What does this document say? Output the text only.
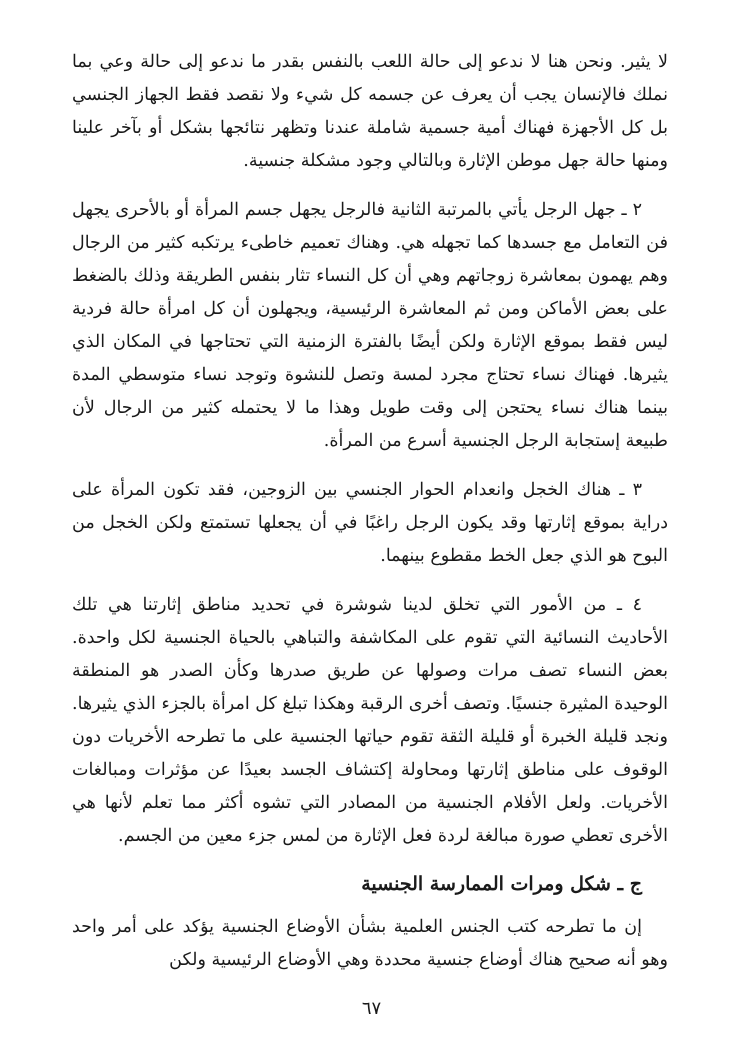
لا يثير. ونحن هنا لا ندعو إلى حالة اللعب بالنفس بقدر ما ندعو إلى حالة وعي بما نملك فالإنسان يجب أن يعرف عن جسمه كل شيء ولا نقصد فقط الجهاز الجنسي بل كل الأجهزة فهناك أمية جسمية شاملة عندنا وتظهر نتائجها بشكل أو بآخر علينا ومنها حالة جهل موطن الإثارة وبالتالي وجود مشكلة جنسية.

٢ ـ جهل الرجل يأتي بالمرتبة الثانية فالرجل يجهل جسم المرأة أو بالأحرى يجهل فن التعامل مع جسدها كما تجهله هي. وهناك تعميم خاطىء يرتكبه كثير من الرجال وهم يهمون بمعاشرة زوجاتهم وهي أن كل النساء تثار بنفس الطريقة وذلك بالضغط على بعض الأماكن ومن ثم المعاشرة الرئيسية، ويجهلون أن كل امرأة حالة فردية ليس فقط بموقع الإثارة ولكن أيضًا بالفترة الزمنية التي تحتاجها في المكان الذي يثيرها. فهناك نساء تحتاج مجرد لمسة وتصل للنشوة وتوجد نساء متوسطي المدة بينما هناك نساء يحتجن إلى وقت طويل وهذا ما لا يحتمله كثير من الرجال لأن طبيعة إستجابة الرجل الجنسية أسرع من المرأة.

٣ ـ هناك الخجل وانعدام الحوار الجنسي بين الزوجين، فقد تكون المرأة على دراية بموقع إثارتها وقد يكون الرجل راغبًا في أن يجعلها تستمتع ولكن الخجل من البوح هو الذي جعل الخط مقطوع بينهما.

٤ ـ من الأمور التي تخلق لدينا شوشرة في تحديد مناطق إثارتنا هي تلك الأحاديث النسائية التي تقوم على المكاشفة والتباهي بالحياة الجنسية لكل واحدة. بعض النساء تصف مرات وصولها عن طريق صدرها وكأن الصدر هو المنطقة الوحيدة المثيرة جنسيًا. وتصف أخرى الرقبة وهكذا تبلغ كل امرأة بالجزء الذي يثيرها. ونجد قليلة الخبرة أو قليلة الثقة تقوم حياتها الجنسية على ما تطرحه الأخريات دون الوقوف على مناطق إثارتها ومحاولة إكتشاف الجسد بعيدًا عن مؤثرات ومبالغات الأخريات. ولعل الأفلام الجنسية من المصادر التي تشوه أكثر مما تعلم لأنها هي الأخرى تعطي صورة مبالغة لردة فعل الإثارة من لمس جزء معين من الجسم.

ج ـ شكل ومرات الممارسة الجنسية

إن ما تطرحه كتب الجنس العلمية بشأن الأوضاع الجنسية يؤكد على أمر واحد وهو أنه صحيح هناك أوضاع جنسية محددة وهي الأوضاع الرئيسية ولكن

٦٧
